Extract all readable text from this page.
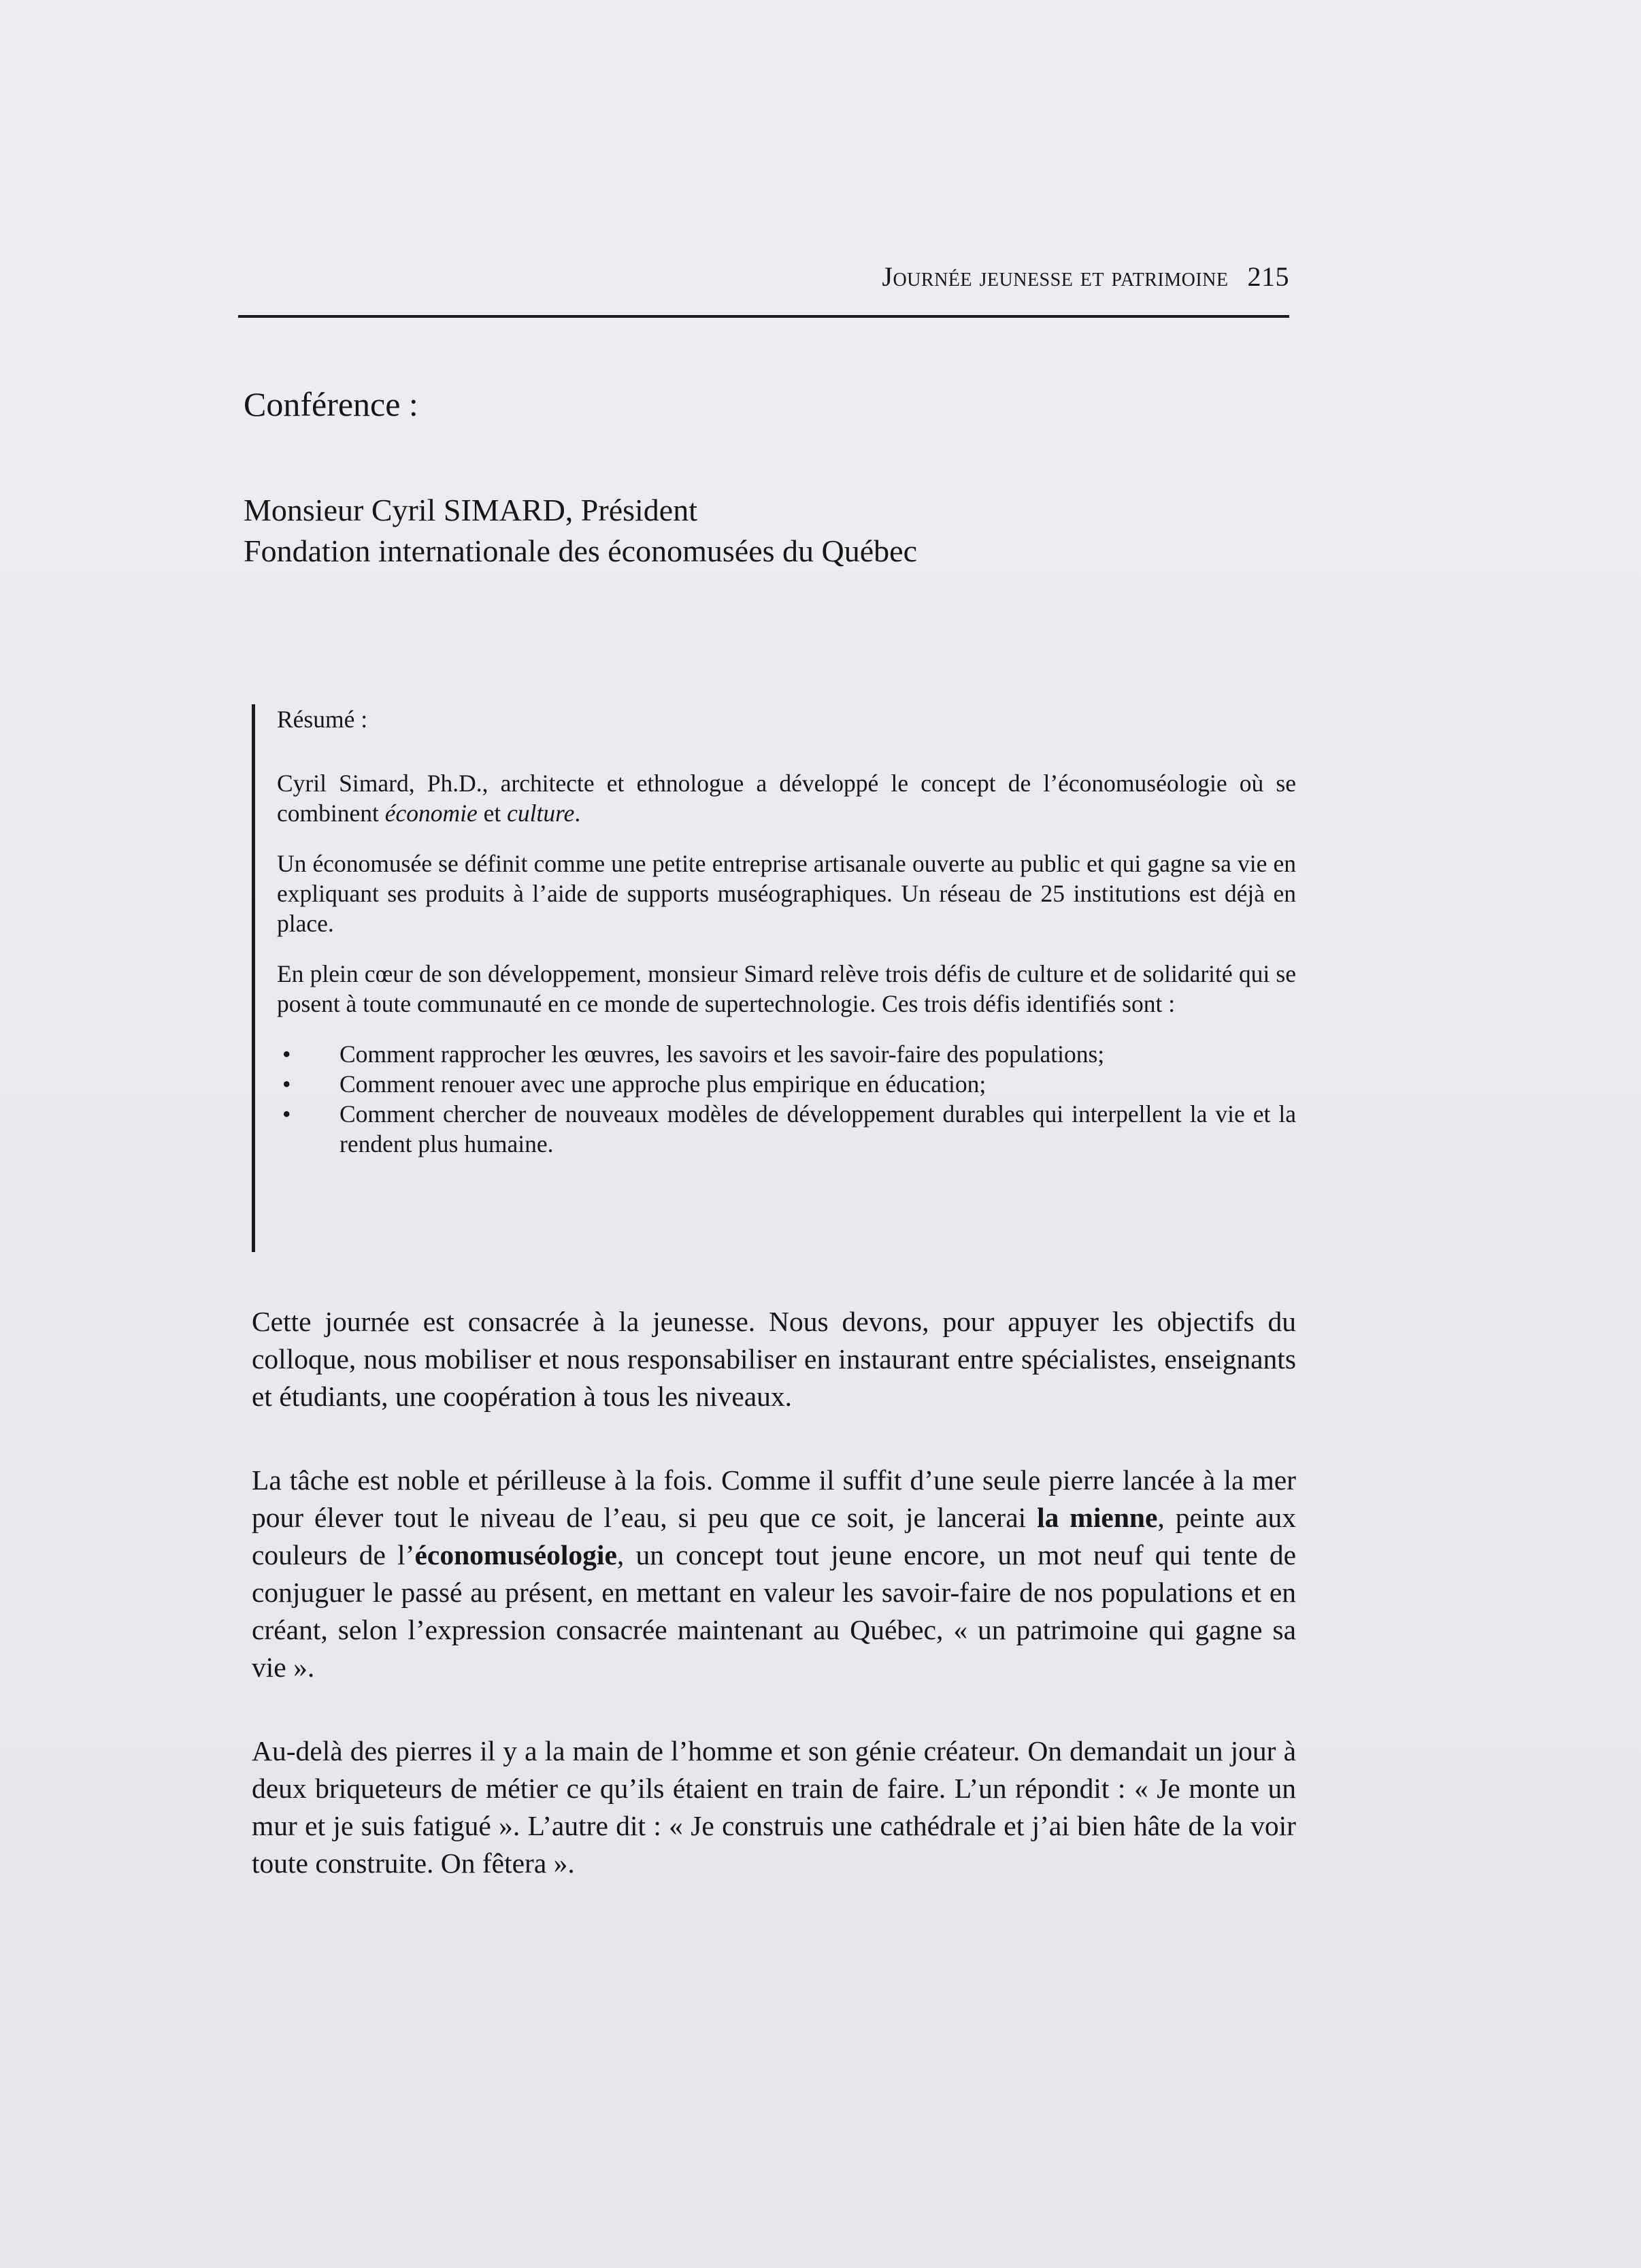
Journée jeunesse et patrimoine 215
Conférence :
Monsieur Cyril SIMARD, Président
Fondation internationale des économusées du Québec
Résumé :

Cyril Simard, Ph.D., architecte et ethnologue a développé le concept de l’économuséologie où se combinent économie et culture.

Un économusée se définit comme une petite entreprise artisanale ouverte au public et qui gagne sa vie en expliquant ses produits à l’aide de supports muséographiques. Un réseau de 25 institutions est déjà en place.

En plein cœur de son développement, monsieur Simard relève trois défis de culture et de solidarité qui se posent à toute communauté en ce monde de supertechnologie. Ces trois défis identifiés sont :

• Comment rapprocher les œuvres, les savoirs et les savoir-faire des populations;
• Comment renouer avec une approche plus empirique en éducation;
• Comment chercher de nouveaux modèles de développement durables qui interpellent la vie et la rendent plus humaine.

Cette journée est consacrée à la jeunesse. Nous devons, pour appuyer les objectifs du colloque, nous mobiliser et nous responsabiliser en instaurant entre spécialistes, enseignants et étudiants, une coopération à tous les niveaux.

La tâche est noble et périlleuse à la fois. Comme il suffit d’une seule pierre lancée à la mer pour élever tout le niveau de l’eau, si peu que ce soit, je lancerai la mienne, peinte aux couleurs de l’économuséologie, un concept tout jeune encore, un mot neuf qui tente de conjuguer le passé au présent, en mettant en valeur les savoir-faire de nos populations et en créant, selon l’expression consacrée maintenant au Québec, « un patrimoine qui gagne sa vie ».

Au-delà des pierres il y a la main de l’homme et son génie créateur. On demandait un jour à deux briqueteurs de métier ce qu’ils étaient en train de faire. L’un répondit : « Je monte un mur et je suis fatigué ». L’autre dit : « Je construis une cathédrale et j’ai bien hâte de la voir toute construite. On fêtera ».
